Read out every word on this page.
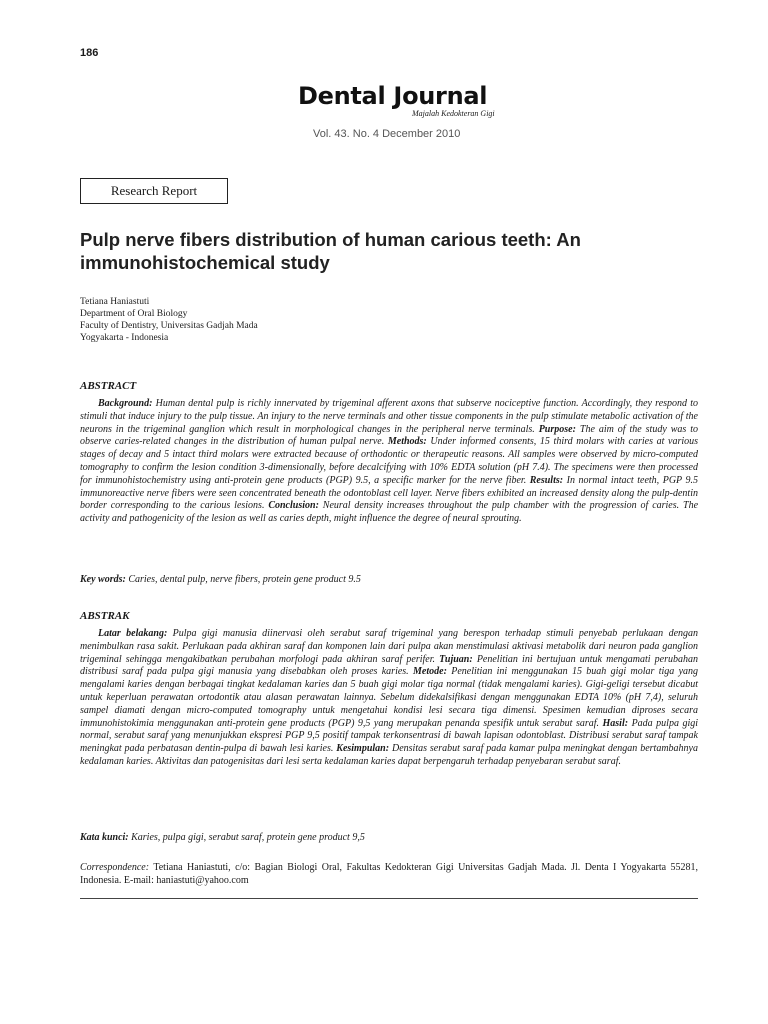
186
Dental Journal
Majalah Kedokteran Gigi
Vol. 43. No. 4 December 2010
Research Report
Pulp nerve fibers distribution of human carious teeth: An immunohistochemical study
Tetiana Haniastuti
Department of Oral Biology
Faculty of Dentistry, Universitas Gadjah Mada
Yogyakarta - Indonesia
ABSTRACT
Background: Human dental pulp is richly innervated by trigeminal afferent axons that subserve nociceptive function. Accordingly, they respond to stimuli that induce injury to the pulp tissue. An injury to the nerve terminals and other tissue components in the pulp stimulate metabolic activation of the neurons in the trigeminal ganglion which result in morphological changes in the peripheral nerve terminals. Purpose: The aim of the study was to observe caries-related changes in the distribution of human pulpal nerve. Methods: Under informed consents, 15 third molars with caries at various stages of decay and 5 intact third molars were extracted because of orthodontic or therapeutic reasons. All samples were observed by micro-computed tomography to confirm the lesion condition 3-dimensionally, before decalcifying with 10% EDTA solution (pH 7.4). The specimens were then processed for immunohistochemistry using anti-protein gene products (PGP) 9.5, a specific marker for the nerve fiber. Results: In normal intact teeth, PGP 9.5 immunoreactive nerve fibers were seen concentrated beneath the odontoblast cell layer. Nerve fibers exhibited an increased density along the pulp-dentin border corresponding to the carious lesions. Conclusion: Neural density increases throughout the pulp chamber with the progression of caries. The activity and pathogenicity of the lesion as well as caries depth, might influence the degree of neural sprouting.
Key words: Caries, dental pulp, nerve fibers, protein gene product 9.5
ABSTRAK
Latar belakang: Pulpa gigi manusia diinervasi oleh serabut saraf trigeminal yang berespon terhadap stimuli penyebab perlukaan dengan menimbulkan rasa sakit. Perlukaan pada akhiran saraf dan komponen lain dari pulpa akan menstimulasi aktivasi metabolik dari neuron pada ganglion trigeminal sehingga mengakibatkan perubahan morfologi pada akhiran saraf perifer. Tujuan: Penelitian ini bertujuan untuk mengamati perubahan distribusi saraf pada pulpa gigi manusia yang disebabkan oleh proses karies. Metode: Penelitian ini menggunakan 15 buah gigi molar tiga yang mengalami karies dengan berbagai tingkat kedalaman karies dan 5 buah gigi molar tiga normal (tidak mengalami karies). Gigi-geligi tersebut dicabut untuk keperluan perawatan ortodontik atau alasan perawatan lainnya. Sebelum didekalsifikasi dengan menggunakan EDTA 10% (pH 7,4), seluruh sampel diamati dengan micro-computed tomography untuk mengetahui kondisi lesi secara tiga dimensi. Spesimen kemudian diproses secara immunohistokimia menggunakan anti-protein gene products (PGP) 9,5 yang merupakan penanda spesifik untuk serabut saraf. Hasil: Pada pulpa gigi normal, serabut saraf yang menunjukkan ekspresi PGP 9,5 positif tampak terkonsentrasi di bawah lapisan odontoblast. Distribusi serabut saraf tampak meningkat pada perbatasan dentin-pulpa di bawah lesi karies. Kesimpulan: Densitas serabut saraf pada kamar pulpa meningkat dengan bertambahnya kedalaman karies. Aktivitas dan patogenisitas dari lesi serta kedalaman karies dapat berpengaruh terhadap penyebaran serabut saraf.
Kata kunci: Karies, pulpa gigi, serabut saraf, protein gene product 9,5
Correspondence: Tetiana Haniastuti, c/o: Bagian Biologi Oral, Fakultas Kedokteran Gigi Universitas Gadjah Mada. Jl. Denta I Yogyakarta 55281, Indonesia. E-mail: haniastuti@yahoo.com
